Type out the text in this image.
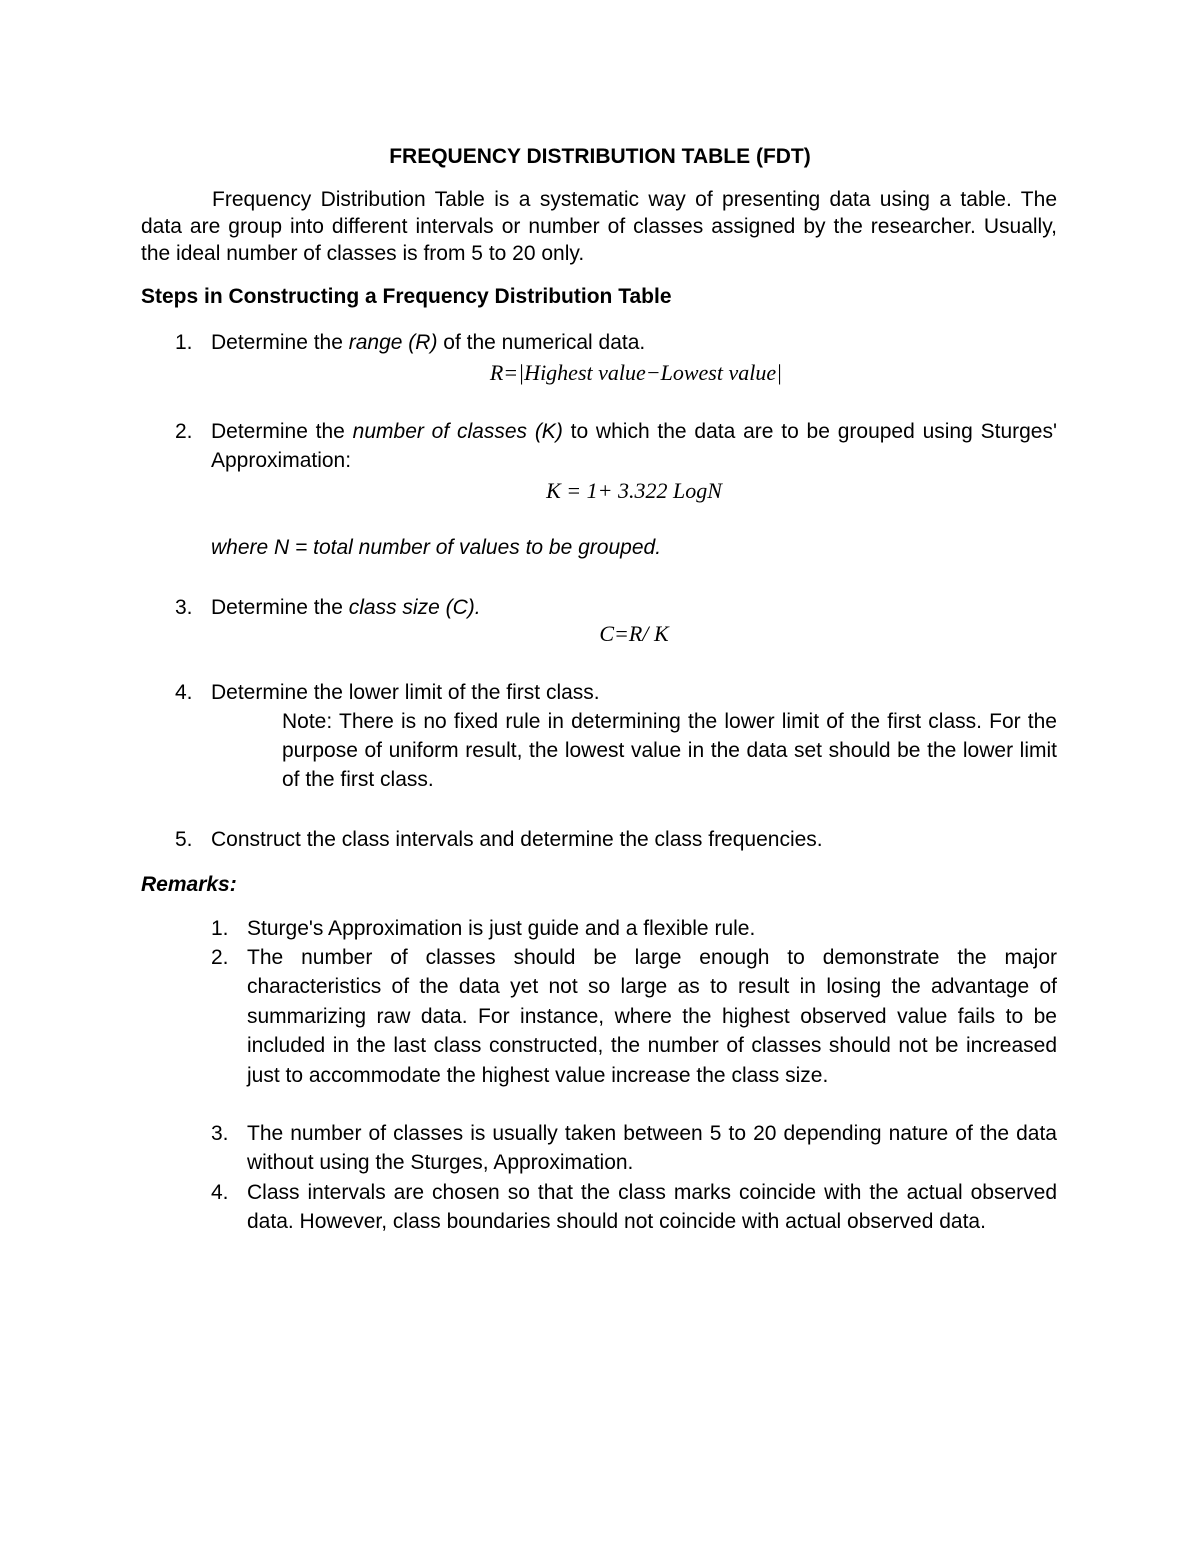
FREQUENCY DISTRIBUTION TABLE (FDT)
Frequency Distribution Table is a systematic way of presenting data using a table. The data are group into different intervals or number of classes assigned by the researcher. Usually, the ideal number of classes is from 5 to 20 only.
Steps in Constructing a Frequency Distribution Table
1. Determine the range (R) of the numerical data.
R=|Highest value−Lowest value|
2. Determine the number of classes (K) to which the data are to be grouped using Sturges' Approximation:
K = 1+ 3.322 LogN
where N = total number of values to be grouped.
3. Determine the class size (C).
C=R/ K
4. Determine the lower limit of the first class.
Note: There is no fixed rule in determining the lower limit of the first class. For the purpose of uniform result, the lowest value in the data set should be the lower limit of the first class.
5. Construct the class intervals and determine the class frequencies.
Remarks:
1. Sturge's Approximation is just guide and a flexible rule.
2. The number of classes should be large enough to demonstrate the major characteristics of the data yet not so large as to result in losing the advantage of summarizing raw data. For instance, where the highest observed value fails to be included in the last class constructed, the number of classes should not be increased just to accommodate the highest value increase the class size.
3. The number of classes is usually taken between 5 to 20 depending nature of the data without using the Sturges, Approximation.
4. Class intervals are chosen so that the class marks coincide with the actual observed data. However, class boundaries should not coincide with actual observed data.
